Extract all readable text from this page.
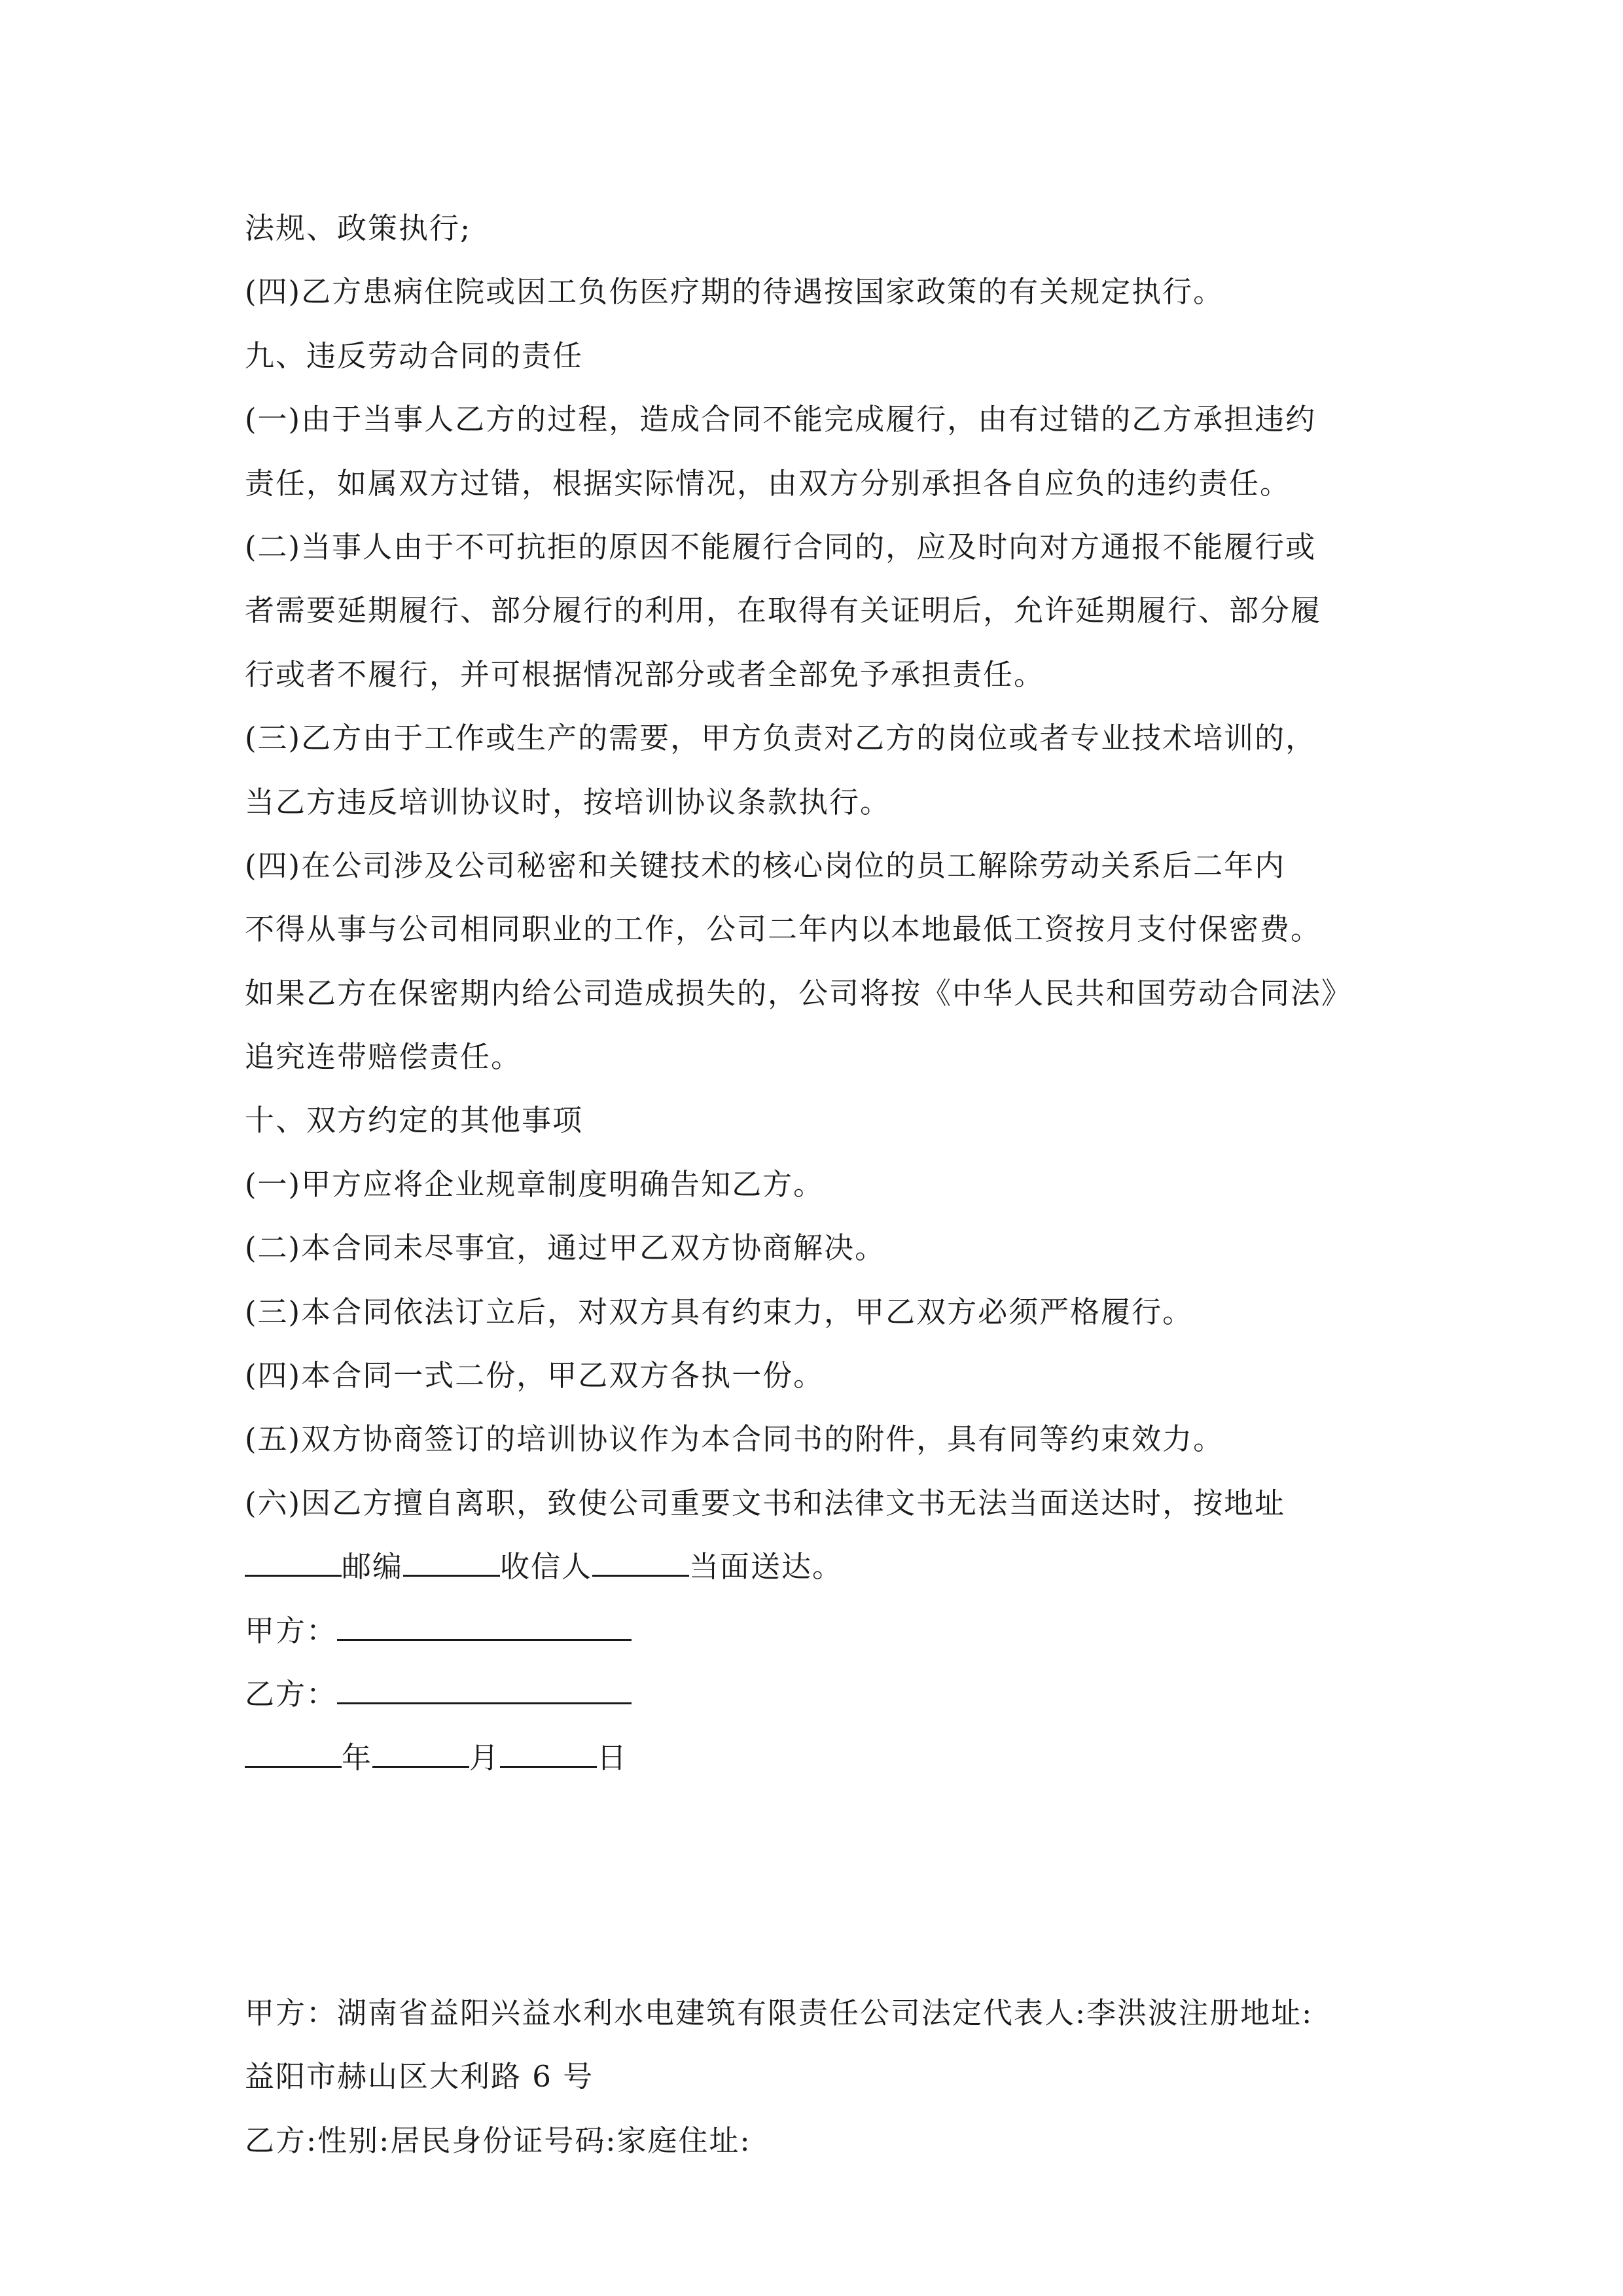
法规、政策执行;
(四)乙方患病住院或因工负伤医疗期的待遇按国家政策的有关规定执行。
九、违反劳动合同的责任
(一)由于当事人乙方的过程，造成合同不能完成履行，由有过错的乙方承担违约
责任，如属双方过错，根据实际情况，由双方分别承担各自应负的违约责任。
(二)当事人由于不可抗拒的原因不能履行合同的，应及时向对方通报不能履行或
者需要延期履行、部分履行的利用，在取得有关证明后，允许延期履行、部分履
行或者不履行，并可根据情况部分或者全部免予承担责任。
(三)乙方由于工作或生产的需要，甲方负责对乙方的岗位或者专业技术培训的，
当乙方违反培训协议时，按培训协议条款执行。
(四)在公司涉及公司秘密和关键技术的核心岗位的员工解除劳动关系后二年内
不得从事与公司相同职业的工作，公司二年内以本地最低工资按月支付保密费。
如果乙方在保密期内给公司造成损失的，公司将按《中华人民共和国劳动合同法》
追究连带赔偿责任。
十、双方约定的其他事项
(一)甲方应将企业规章制度明确告知乙方。
(二)本合同未尽事宜，通过甲乙双方协商解决。
(三)本合同依法订立后，对双方具有约束力，甲乙双方必须严格履行。
(四)本合同一式二份，甲乙双方各执一份。
(五)双方协商签订的培训协议作为本合同书的附件，具有同等约束效力。
(六)因乙方擅自离职，致使公司重要文书和法律文书无法当面送达时，按地址
邮编	收信人	当面送达。
甲方：
乙方：
年	月	日
甲方：湖南省益阳兴益水利水电建筑有限责任公司法定代表人:李洪波注册地址:
益阳市赫山区大利路 6 号
乙方:性别:居民身份证号码:家庭住址:
